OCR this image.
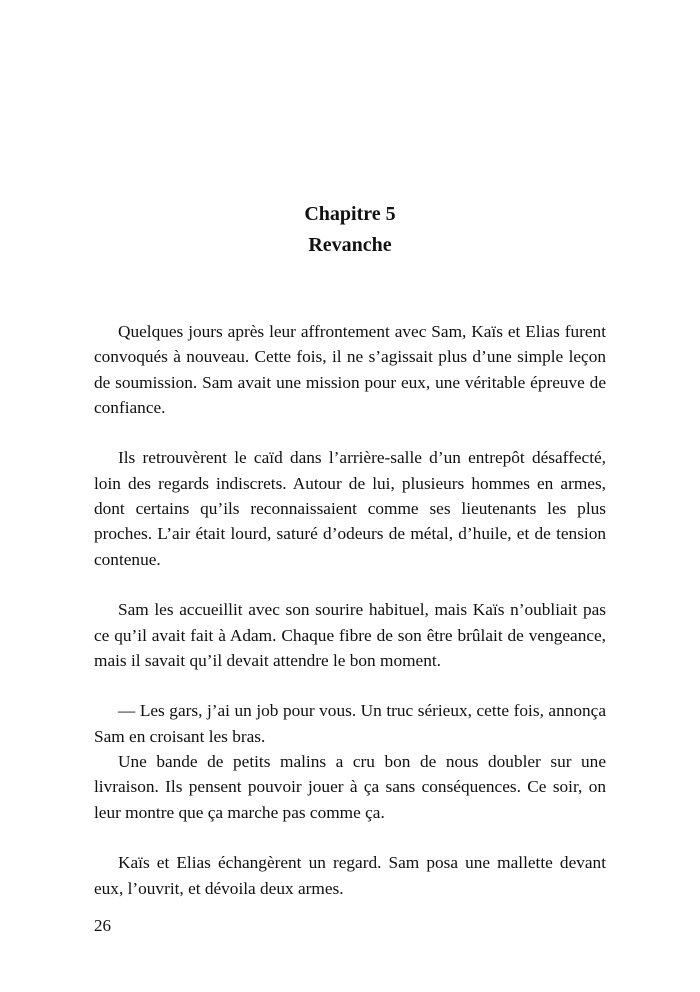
Chapitre 5
Revanche

Quelques jours après leur affrontement avec Sam, Kaïs et Elias furent convoqués à nouveau. Cette fois, il ne s’agissait plus d’une simple leçon de soumission. Sam avait une mission pour eux, une véritable épreuve de confiance.

Ils retrouvèrent le caïd dans l’arrière-salle d’un entrepôt désaffecté, loin des regards indiscrets. Autour de lui, plusieurs hommes en armes, dont certains qu’ils reconnaissaient comme ses lieutenants les plus proches. L’air était lourd, saturé d’odeurs de métal, d’huile, et de tension contenue.

Sam les accueillit avec son sourire habituel, mais Kaïs n’oubliait pas ce qu’il avait fait à Adam. Chaque fibre de son être brûlait de vengeance, mais il savait qu’il devait attendre le bon moment.

— Les gars, j’ai un job pour vous. Un truc sérieux, cette fois, annonça Sam en croisant les bras.

Une bande de petits malins a cru bon de nous doubler sur une livraison. Ils pensent pouvoir jouer à ça sans conséquences. Ce soir, on leur montre que ça marche pas comme ça.

Kaïs et Elias échangèrent un regard. Sam posa une mallette devant eux, l’ouvrit, et dévoila deux armes.

26
